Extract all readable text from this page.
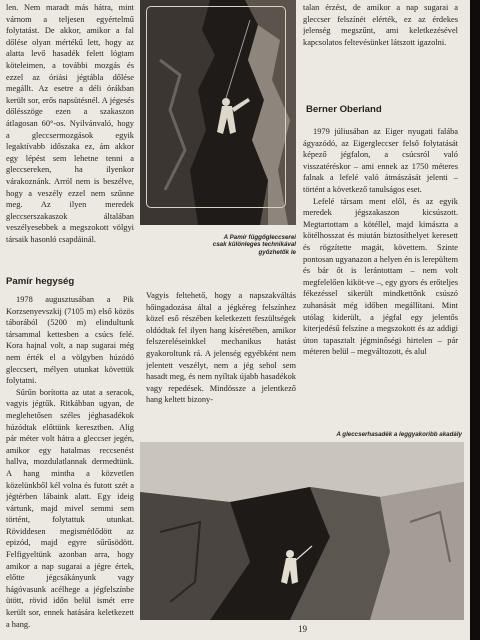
len. Nem maradt más hátra, mint várnom a teljesen egyértelmű folytatást. De akkor, amikor a fal dőlése olyan mértékű lett, hogy az alatta levő hasadék felett lógtam köteleimen, a további mozgás és ezzel az óriási jégtábla dőlése megállt. Az esetre a déli órákban került sor, erős napsütésnél. A jégesés dőlésszöge ezen a szakaszon átlagosan 60°-os. Nyilvánvaló, hogy a gleccsermozgások egyik legaktívabb időszaka ez, ám akkor egy lépést sem lehetne tenni a gleccsereken, ha ilyenkor várakoznánk. Arról nem is beszélve, hogy a veszély ezzel nem szűnne meg. Az ilyen meredek gleccserszakaszok általában veszélyesebbek a megszokott völgyi társaik hasonló csapdáinál.

Pamír hegység

1978 augusztusában a Pik Korzsenyevszkij (7105 m) első közös táborából (5200 m) elindultunk társammal kettesben a csúcs felé. Kora hajnal volt, a nap sugarai még nem érték el a völgyben húzódó gleccsert, mélyen utunkat követtük folytatni.

Sűrűn borította az utat a seracok, vagyis jégtűk. Ritkábban ugyan, de meglehetősen széles jéghasadékok húzódtak előttünk keresztben. Alig pár méter volt hátra a gleccser jegén, amikor egy hatalmas reccsenést hallva, mozdulatlannak dermedtünk. A hang mintha a közvetlen közelünkből kél volna és futott szét a jégtérben lábaink alatt. Egy ideig vártunk, majd mivel semmi sem történt, folytattuk utunkat. Röviddesen megismétlődött az epizód, majd egyre sűrűsödött. Felfigyeltünk azonban arra, hogy amikor a nap sugarai a jégre értek, előtte jégcsákányunk vagy hágóvasunk acélhege a jégfelszínbe ütött, rövid időn belül ismét erre került sor, ennek hatására keletkezett a hang.

A Pamír függőgleccserei
csak különleges technikával
győzhetők le

Vagyis feltehető, hogy a napszakváltás hőingadozása által a jégkéreg felszínhez közel eső részében keletkezett feszültségek oldódtak fel ilyen hang kíséretében, amikor felszereléseinkkel mechanikus hatást gyakoroltunk rá. A jelenség egyébként nem jelentett veszélyt, nem a jég sehol sem hasadt meg, és nem nyíltak újabb hasadékok vagy repedések. Mindössze a jelentkező hang keltett bizony-

talan érzést, de amikor a nap sugarai a gleccser felszínét elérték, ez az érdekes jelenség megszűnt, ami keletkezésével kapcsolatos feltevésünket látszott igazolni.

Berner Oberland

1979 júliusában az Eiger nyugati falába ágyazódó, az Eigergleccser felső folytatását képező jégfalon, a csúcsról való visszatéréskor – ami ennek az 1750 méteres falnak a lefelé való átmászását jelenti – történt a következő tanulságos eset.

Lefelé társam ment elől, és az egyik meredek jégszakaszon kicsúszott. Megtartottam a kötéllel, majd kimászta a kötélhosszat és miután biztosíthelyet keresett és rögzítette magát, követtem. Szinte pontosan ugyanazon a helyen én is lerepültem és bár őt is lerántottam – nem volt megfelelően kiköt-ve –, egy gyors és erőteljes fékezéssel sikerült mindkettőnk csúszó zuhanását még időben megállítani. Mint utólag kiderült, a jégfal egy jelentős kiterjedésű felszíne a megszokott és az addigi úton tapasztalt jégminőségi hirtelen – pár méteren belül – megváltozott, és alul

A gleccserhasadék a leggyakoribb akadály
19
